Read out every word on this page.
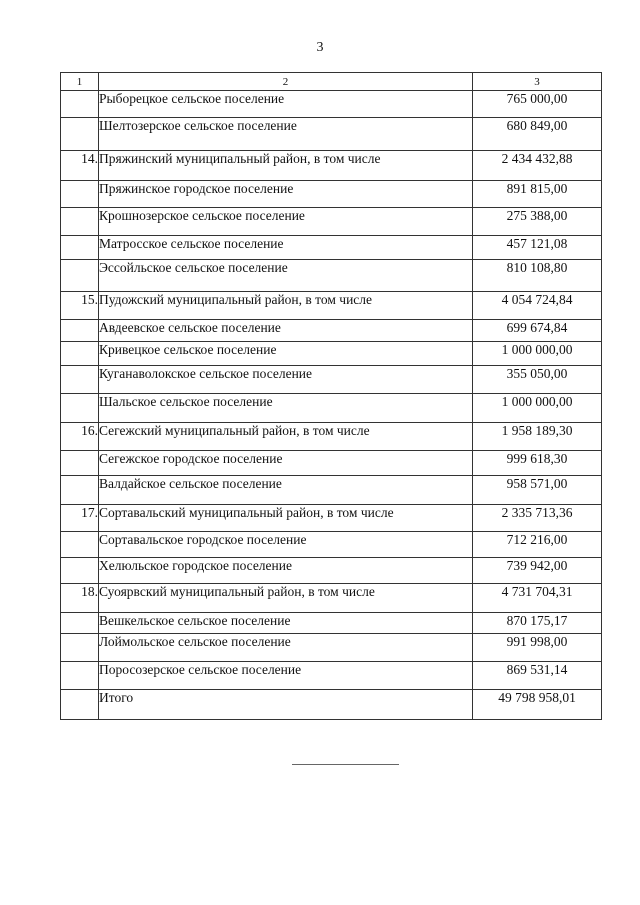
3
1	2	3
	Рыборецкое сельское поселение	765 000,00
	Шелтозерское сельское поселение	680 849,00
14.	Пряжинский муниципальный район, в том числе	2 434 432,88
	Пряжинское городское поселение	891 815,00
	Крошнозерское сельское поселение	275 388,00
	Матросское сельское поселение	457 121,08
	Эссойльское сельское поселение	810 108,80
15.	Пудожский муниципальный район, в том числе	4 054 724,84
	Авдеевское сельское поселение	699 674,84
	Кривецкое сельское поселение	1 000 000,00
	Куганаволокское сельское поселение	355 050,00
	Шальское сельское поселение	1 000 000,00
16.	Сегежский муниципальный район, в том числе	1 958 189,30
	Сегежское городское поселение	999 618,30
	Валдайское сельское поселение	958 571,00
17.	Сортавальский муниципальный район, в том числе	2 335 713,36
	Сортавальское городское поселение	712 216,00
	Хелюльское городское поселение	739 942,00
18.	Суоярвский муниципальный район, в том числе	4 731 704,31
	Вешкельское сельское поселение	870 175,17
	Лоймольское сельское поселение	991 998,00
	Поросозерское сельское поселение	869 531,14
	Итого	49 798 958,01
